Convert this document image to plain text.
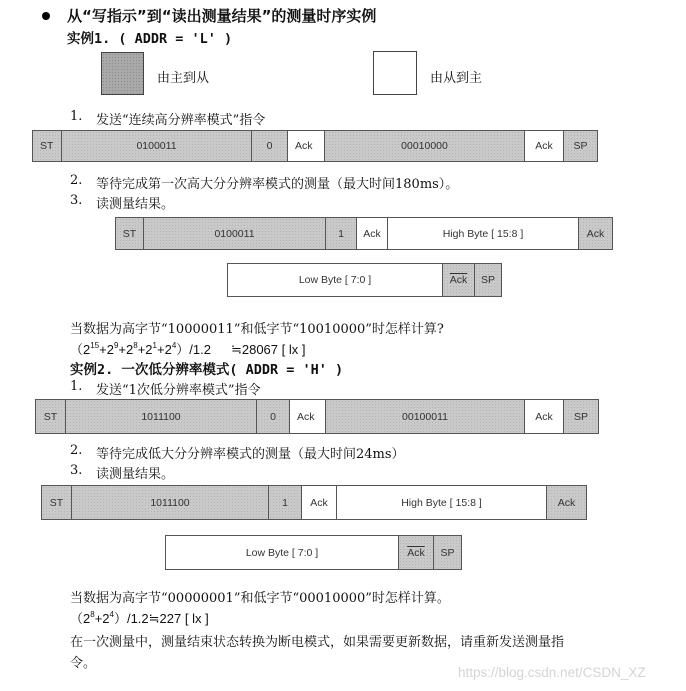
从“写指示”到“读出测量结果”的测量时序实例
实例1. ( ADDR = 'L' )
由主到从	由从到主
1. 发送“连续高分辨率模式”指令
ST	0100011	0	Ack	00010000	Ack	SP
2. 等待完成第一次高大分分辨率模式的测量（最大时间180ms）。
3. 读测量结果。
ST	0100011	1	Ack	High Byte [ 15:8 ]	Ack
Low Byte [ 7:0 ]	$\overline{Ack}$	SP
当数据为高字节“10000011”和低字节“10010000”时怎样计算?
$(2^{15}+2^9+2^8+2^1+2^4)/1.2$ ≒28067 [ lx ]
实例2. 一次低分辨率模式( ADDR = 'H' )
1. 发送“1次低分辨率模式”指令
ST	1011100	0	Ack	00100011	Ack	SP
2. 等待完成低大分分辨率模式的测量（最大时间24ms）
3. 读测量结果。
ST	1011100	1	Ack	High Byte [ 15:8 ]	Ack
Low Byte [ 7:0 ]	$\overline{Ack}$	SP
当数据为高字节“00000001”和低字节“00010000”时怎样计算。
$(2^8+2^4)/1.2≒227$ [ lx ]
在一次测量中，测量结束状态转换为断电模式，如果需要更新数据，请重新发送测量指
令。
https://blog.csdn.net/CSDN_XZ
